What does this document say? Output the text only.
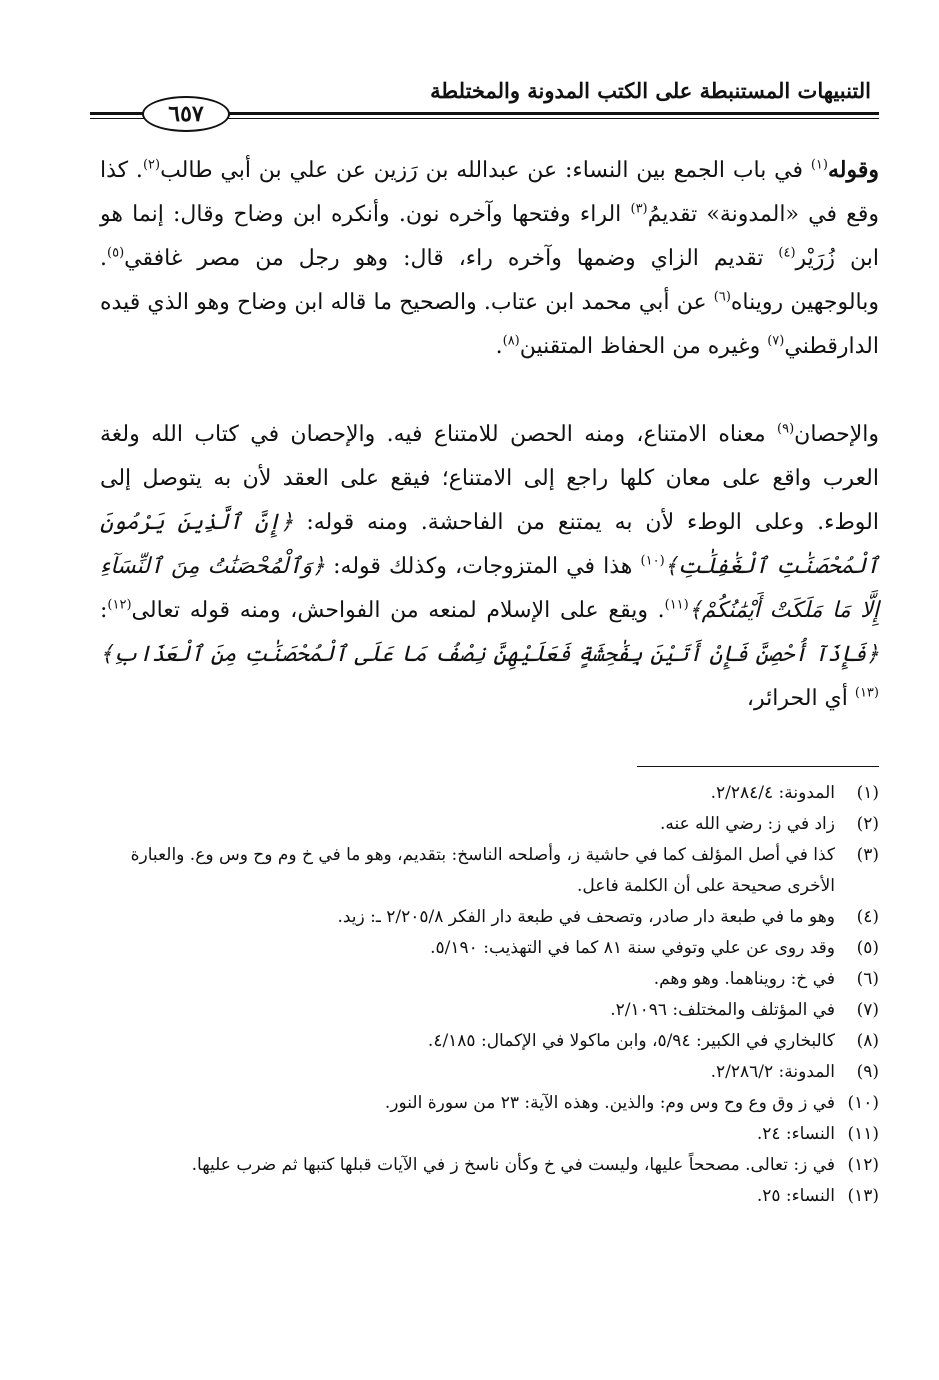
التنبيهات المستنبطة على الكتب المدونة والمختلطة
٦٥٧

وقوله$^{(١)}$ في باب الجمع بين النساء: عن عبدالله بن رَزين عن علي بن أبي طالب$^{(٢)}$. كذا وقع في «المدونة» تقديمُ$^{(٣)}$ الراء وفتحها وآخره نون. وأنكره ابن وضاح وقال: إنما هو ابن زُرَيْر$^{(٤)}$ تقديم الزاي وضمها وآخره راء، قال: وهو رجل من مصر غافقي$^{(٥)}$. وبالوجهين رويناه$^{(٦)}$ عن أبي محمد ابن عتاب. والصحيح ما قاله ابن وضاح وهو الذي قيده الدارقطني$^{(٧)}$ وغيره من الحفاظ المتقنين$^{(٨)}$.

والإحصان$^{(٩)}$ معناه الامتناع، ومنه الحصن للامتناع فيه. والإحصان في كتاب الله ولغة العرب واقع على معان كلها راجع إلى الامتناع؛ فيقع على العقد لأن به يتوصل إلى الوطء. وعلى الوطء لأن به يمتنع من الفاحشة. ومنه قوله: ﴿إِنَّ ٱلَّذِينَ يَرْمُونَ ٱلْمُحْصَنَٰتِ ٱلْغَٰفِلَٰتِ﴾$^{(١٠)}$ هذا في المتزوجات، وكذلك قوله: ﴿وَٱلْمُحْصَنَٰتُ مِنَ ٱلنِّسَآءِ إِلَّا مَا مَلَكَتْ أَيْمَٰنُكُمْ﴾$^{(١١)}$. ويقع على الإسلام لمنعه من الفواحش، ومنه قوله تعالى$^{(١٢)}$: ﴿فَإِذَآ أُحْصِنَّ فَإِنْ أَتَيْنَ بِفَٰحِشَةٍ فَعَلَيْهِنَّ نِصْفُ مَا عَلَى ٱلْمُحْصَنَٰتِ مِنَ ٱلْعَذَابِ﴾$^{(١٣)}$ أي الحرائر،

(١)
المدونة: ٢/٢٨٤/٤.
(٢)
زاد في ز: رضي الله عنه.
(٣)
كذا في أصل المؤلف كما في حاشية ز، وأصلحه الناسخ: بتقديم، وهو ما في خ وم وح وس وع. والعبارة الأخرى صحيحة على أن الكلمة فاعل.
(٤)
وهو ما في طبعة دار صادر، وتصحف في طبعة دار الفكر ٢/٢٠٥/٨ ـ: زيد.
(٥)
وقد روى عن علي وتوفي سنة ٨١ كما في التهذيب: ٥/١٩٠.
(٦)
في خ: رويناهما. وهو وهم.
(٧)
في المؤتلف والمختلف: ٢/١٠٩٦.
(٨)
كالبخاري في الكبير: ٥/٩٤، وابن ماكولا في الإكمال: ٤/١٨٥.
(٩)
المدونة: ٢/٢٨٦/٢.
(١٠)
في ز وق وع وح وس وم: والذين. وهذه الآية: ٢٣ من سورة النور.
(١١)
النساء: ٢٤.
(١٢)
في ز: تعالى. مصححاً عليها، وليست في خ وكأن ناسخ ز في الآيات قبلها كتبها ثم ضرب عليها.
(١٣)
النساء: ٢٥.
